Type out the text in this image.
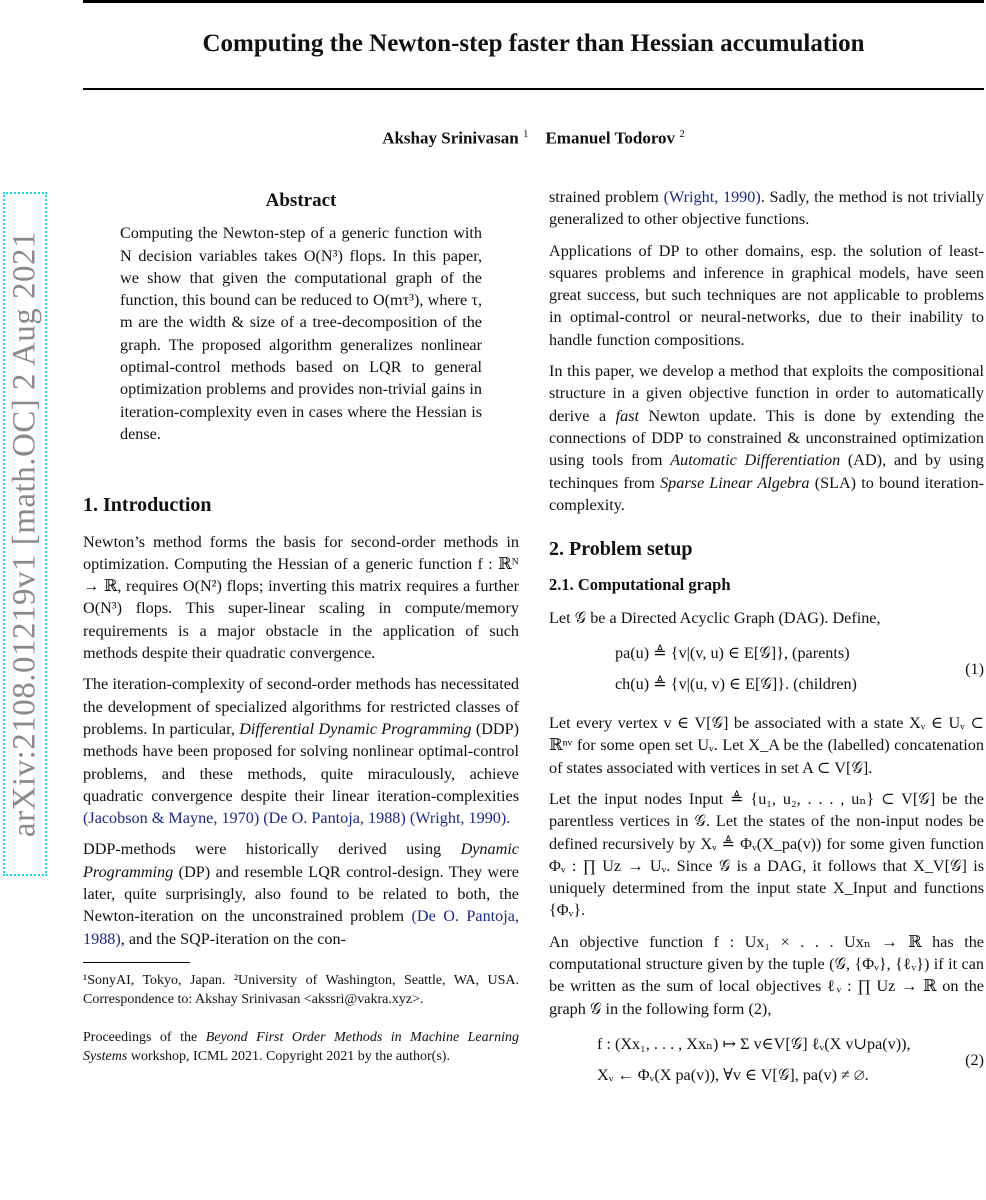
Computing the Newton-step faster than Hessian accumulation
Akshay Srinivasan $^1$ Emanuel Todorov $^2$
arXiv:2108.01219v1 [math.OC] 2 Aug 2021
Abstract

Computing the Newton-step of a generic function with N decision variables takes O(N³) flops. In this paper, we show that given the computational graph of the function, this bound can be reduced to O(mτ³), where τ, m are the width & size of a tree-decomposition of the graph. The proposed algorithm generalizes nonlinear optimal-control methods based on LQR to general optimization problems and provides non-trivial gains in iteration-complexity even in cases where the Hessian is dense.

1. Introduction

Newton’s method forms the basis for second-order methods in optimization. Computing the Hessian of a generic function f : ℝᴺ → ℝ, requires O(N²) flops; inverting this matrix requires a further O(N³) flops. This super-linear scaling in compute/memory requirements is a major obstacle in the application of such methods despite their quadratic convergence.

The iteration-complexity of second-order methods has necessitated the development of specialized algorithms for restricted classes of problems. In particular, Differential Dynamic Programming (DDP) methods have been proposed for solving nonlinear optimal-control problems, and these methods, quite miraculously, achieve quadratic convergence despite their linear iteration-complexities (Jacobson & Mayne, 1970) (De O. Pantoja, 1988) (Wright, 1990).

DDP-methods were historically derived using Dynamic Programming (DP) and resemble LQR control-design. They were later, quite surprisingly, also found to be related to both, the Newton-iteration on the unconstrained problem (De O. Pantoja, 1988), and the SQP-iteration on the con-

¹SonyAI, Tokyo, Japan. ²University of Washington, Seattle, WA, USA. Correspondence to: Akshay Srinivasan <akssri@vakra.xyz>.
Proceedings of the Beyond First Order Methods in Machine Learning Systems workshop, ICML 2021. Copyright 2021 by the author(s).

strained problem (Wright, 1990). Sadly, the method is not trivially generalized to other objective functions.

Applications of DP to other domains, esp. the solution of least-squares problems and inference in graphical models, have seen great success, but such techniques are not applicable to problems in optimal-control or neural-networks, due to their inability to handle function compositions.

In this paper, we develop a method that exploits the compositional structure in a given objective function in order to automatically derive a fast Newton update. This is done by extending the connections of DDP to constrained & unconstrained optimization using tools from Automatic Differentiation (AD), and by using techinques from Sparse Linear Algebra (SLA) to bound iteration-complexity.

2. Problem setup
2.1. Computational graph

Let 𝒢 be a Directed Acyclic Graph (DAG). Define,

pa(u) ≜ {v|(v, u) ∈ E[𝒢]}, (parents)
ch(u) ≜ {v|(u, v) ∈ E[𝒢]}. (children)
(1)

Let every vertex v ∈ V[𝒢] be associated with a state Xᵥ ∈ Uᵥ ⊂ ℝⁿᵛ for some open set Uᵥ. Let X_A be the (labelled) concatenation of states associated with vertices in set A ⊂ V[𝒢].

Let the input nodes Input ≜ {u₁, u₂, . . . , uₙ} ⊂ V[𝒢] be the parentless vertices in 𝒢. Let the states of the non-input nodes be defined recursively by Xᵥ ≜ Φᵥ(X_pa(v)) for some given function Φᵥ : ∏ Uz → Uᵥ. Since 𝒢 is a DAG, it follows that X_V[𝒢] is uniquely determined from the input state X_Input and functions {Φᵥ}.

An objective function f : Ux₁ × . . . Uxₙ → ℝ has the computational structure given by the tuple (𝒢, {Φᵥ}, {ℓᵥ}) if it can be written as the sum of local objectives ℓᵥ : ∏ Uz → ℝ on the graph 𝒢 in the following form (2),

f : (Xx₁, . . . , Xxₙ) ↦ Σ v∈V[𝒢] ℓᵥ(X v∪pa(v)),
Xᵥ ← Φᵥ(X pa(v)), ∀v ∈ V[𝒢], pa(v) ≠ ∅.
(2)
